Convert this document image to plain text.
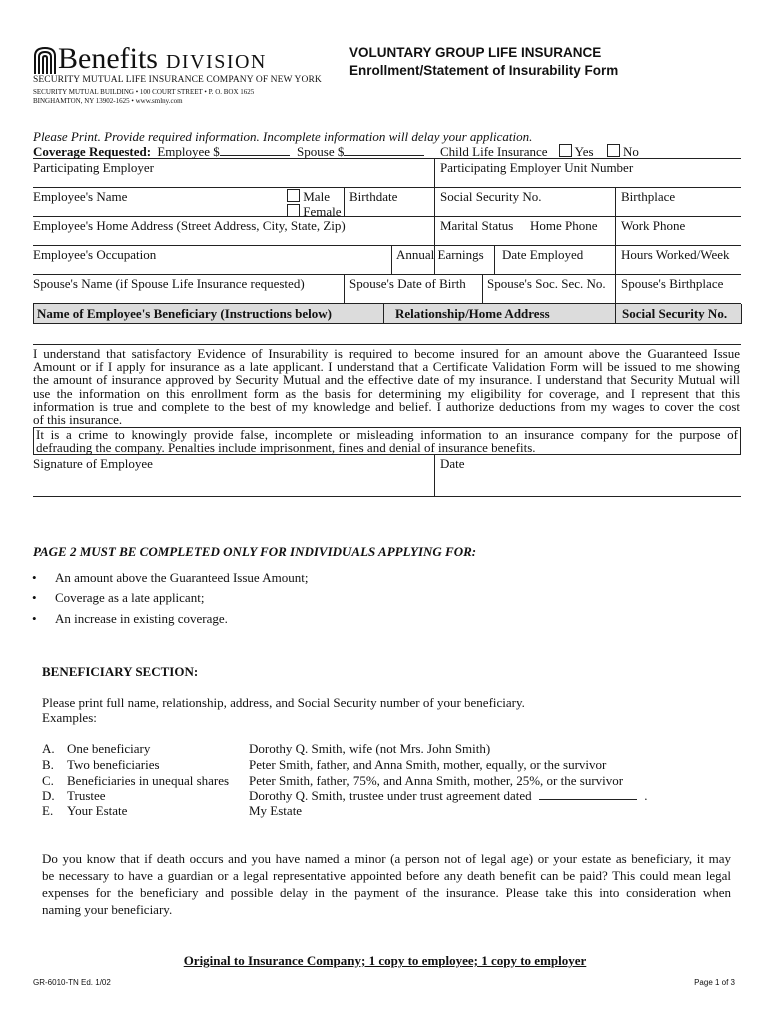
Benefits DIVISION
SECURITY MUTUAL LIFE INSURANCE COMPANY OF NEW YORK
SECURITY MUTUAL BUILDING • 100 COURT STREET • P. O. BOX 1625
BINGHAMTON, NY 13902-1625 • www.smlny.com
VOLUNTARY GROUP LIFE INSURANCE
Enrollment/Statement of Insurability Form
Please Print. Provide required information. Incomplete information will delay your application.
Coverage Requested: Employee $	Spouse $	Child Life Insurance Yes No
Participating Employer	Participating Employer Unit Number
Employee's Name	Male
Female
Birthdate	Social Security No.	Birthplace
Employee's Home Address (Street Address, City, State, Zip)	Marital Status Home Phone Work Phone
Employee's Occupation	Annual Earnings Date Employed	Hours Worked/Week
Spouse's Name (if Spouse Life Insurance requested)	Spouse's Date of Birth Spouse's Soc. Sec. No. Spouse's Birthplace
Name of Employee's Beneficiary (Instructions below)	Relationship/Home Address	Social Security No.
I understand that satisfactory Evidence of Insurability is required to become insured for an amount above the Guaranteed Issue
Amount or if I apply for insurance as a late applicant. I understand that a Certificate Validation Form will be issued to me showing
the amount of insurance approved by Security Mutual and the effective date of my insurance. I understand that Security Mutual will
use the information on this enrollment form as the basis for determining my eligibility for coverage, and I represent that this
information is true and complete to the best of my knowledge and belief. I authorize deductions from my wages to cover the cost
of this insurance.
It is a crime to knowingly provide false, incomplete or misleading information to an insurance company for the purpose of
defrauding the company. Penalties include imprisonment, fines and denial of insurance benefits.
Signature of Employee	Date
PAGE 2 MUST BE COMPLETED ONLY FOR INDIVIDUALS APPLYING FOR:
• An amount above the Guaranteed Issue Amount;
• Coverage as a late applicant;
• An increase in existing coverage.
BENEFICIARY SECTION:
Please print full name, relationship, address, and Social Security number of your beneficiary.
Examples:
A. One beneficiary	Dorothy Q. Smith, wife (not Mrs. John Smith)
B. Two beneficiaries	Peter Smith, father, and Anna Smith, mother, equally, or the survivor
C. Beneficiaries in unequal shares Peter Smith, father, 75%, and Anna Smith, mother, 25%, or the survivor
D. Trustee	Dorothy Q. Smith, trustee under trust agreement dated	.
E. Your Estate	My Estate
Do you know that if death occurs and you have named a minor (a person not of legal age) or your estate as beneficiary, it may
be necessary to have a guardian or a legal representative appointed before any death benefit can be paid? This could mean legal
expenses for the beneficiary and possible delay in the payment of the insurance. Please take this into consideration when
naming your beneficiary.
Original to Insurance Company; 1 copy to employee; 1 copy to employer
GR-6010-TN Ed. 1/02	Page 1 of 3
